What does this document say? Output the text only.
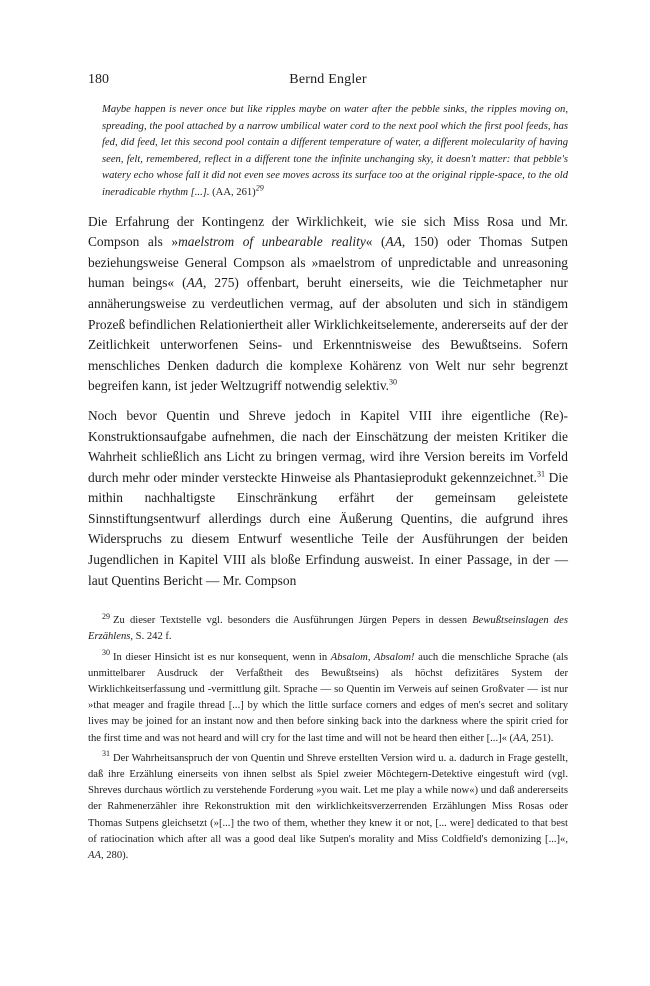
180	Bernd Engler
Maybe happen is never once but like ripples maybe on water after the pebble sinks, the ripples moving on, spreading, the pool attached by a narrow umbilical water cord to the next pool which the first pool feeds, has fed, did feed, let this second pool contain a different temperature of water, a different molecularity of having seen, felt, remembered, reflect in a different tone the infinite unchanging sky, it doesn't matter: that pebble's watery echo whose fall it did not even see moves across its surface too at the original ripple-space, to the old ineradicable rhythm [...]. (AA, 261)$^{29}$

Die Erfahrung der Kontingenz der Wirklichkeit, wie sie sich Miss Rosa und Mr. Compson als »maelstrom of unbearable reality« (AA, 150) oder Thomas Sutpen beziehungsweise General Compson als »maelstrom of unpredictable and unreasoning human beings« (AA, 275) offenbart, beruht einerseits, wie die Teichmetapher nur annäherungsweise zu verdeutlichen vermag, auf der absoluten und sich in ständigem Prozeß befindlichen Relationiertheit aller Wirklichkeitselemente, andererseits auf der der Zeitlichkeit unterworfenen Seins- und Erkenntnisweise des Bewußtseins. Sofern menschliches Denken dadurch die komplexe Kohärenz von Welt nur sehr begrenzt begreifen kann, ist jeder Weltzugriff notwendig selektiv.$^{30}$

Noch bevor Quentin und Shreve jedoch in Kapitel VIII ihre eigentliche (Re)-Konstruktionsaufgabe aufnehmen, die nach der Einschätzung der meisten Kritiker die Wahrheit schließlich ans Licht zu bringen vermag, wird ihre Version bereits im Vorfeld durch mehr oder minder versteckte Hinweise als Phantasieprodukt gekennzeichnet.$^{31}$ Die mithin nachhaltigste Einschränkung erfährt der gemeinsam geleistete Sinnstiftungsentwurf allerdings durch eine Äußerung Quentins, die aufgrund ihres Widerspruchs zu diesem Entwurf wesentliche Teile der Ausführungen der beiden Jugendlichen in Kapitel VIII als bloße Erfindung ausweist. In einer Passage, in der — laut Quentins Bericht — Mr. Compson

$^{29}$ Zu dieser Textstelle vgl. besonders die Ausführungen Jürgen Pepers in dessen Bewußtseinslagen des Erzählens, S. 242 f.

$^{30}$ In dieser Hinsicht ist es nur konsequent, wenn in Absalom, Absalom! auch die menschliche Sprache (als unmittelbarer Ausdruck der Verfaßtheit des Bewußtseins) als höchst defizitäres System der Wirklichkeitserfassung und -vermittlung gilt. Sprache — so Quentin im Verweis auf seinen Großvater — ist nur »that meager and fragile thread [...] by which the little surface corners and edges of men's secret and solitary lives may be joined for an instant now and then before sinking back into the darkness where the spirit cried for the first time and was not heard and will cry for the last time and will not be heard then either [...]« (AA, 251).

$^{31}$ Der Wahrheitsanspruch der von Quentin und Shreve erstellten Version wird u. a. dadurch in Frage gestellt, daß ihre Erzählung einerseits von ihnen selbst als Spiel zweier Möchtegern-Detektive eingestuft wird (vgl. Shreves durchaus wörtlich zu verstehende Forderung »you wait. Let me play a while now«) und daß andererseits der Rahmenerzähler ihre Rekonstruktion mit den wirklichkeitsverzerrenden Erzählungen Miss Rosas oder Thomas Sutpens gleichsetzt (»[...] the two of them, whether they knew it or not, [... were] dedicated to that best of ratiocination which after all was a good deal like Sutpen's morality and Miss Coldfield's demonizing [...]«, AA, 280).
